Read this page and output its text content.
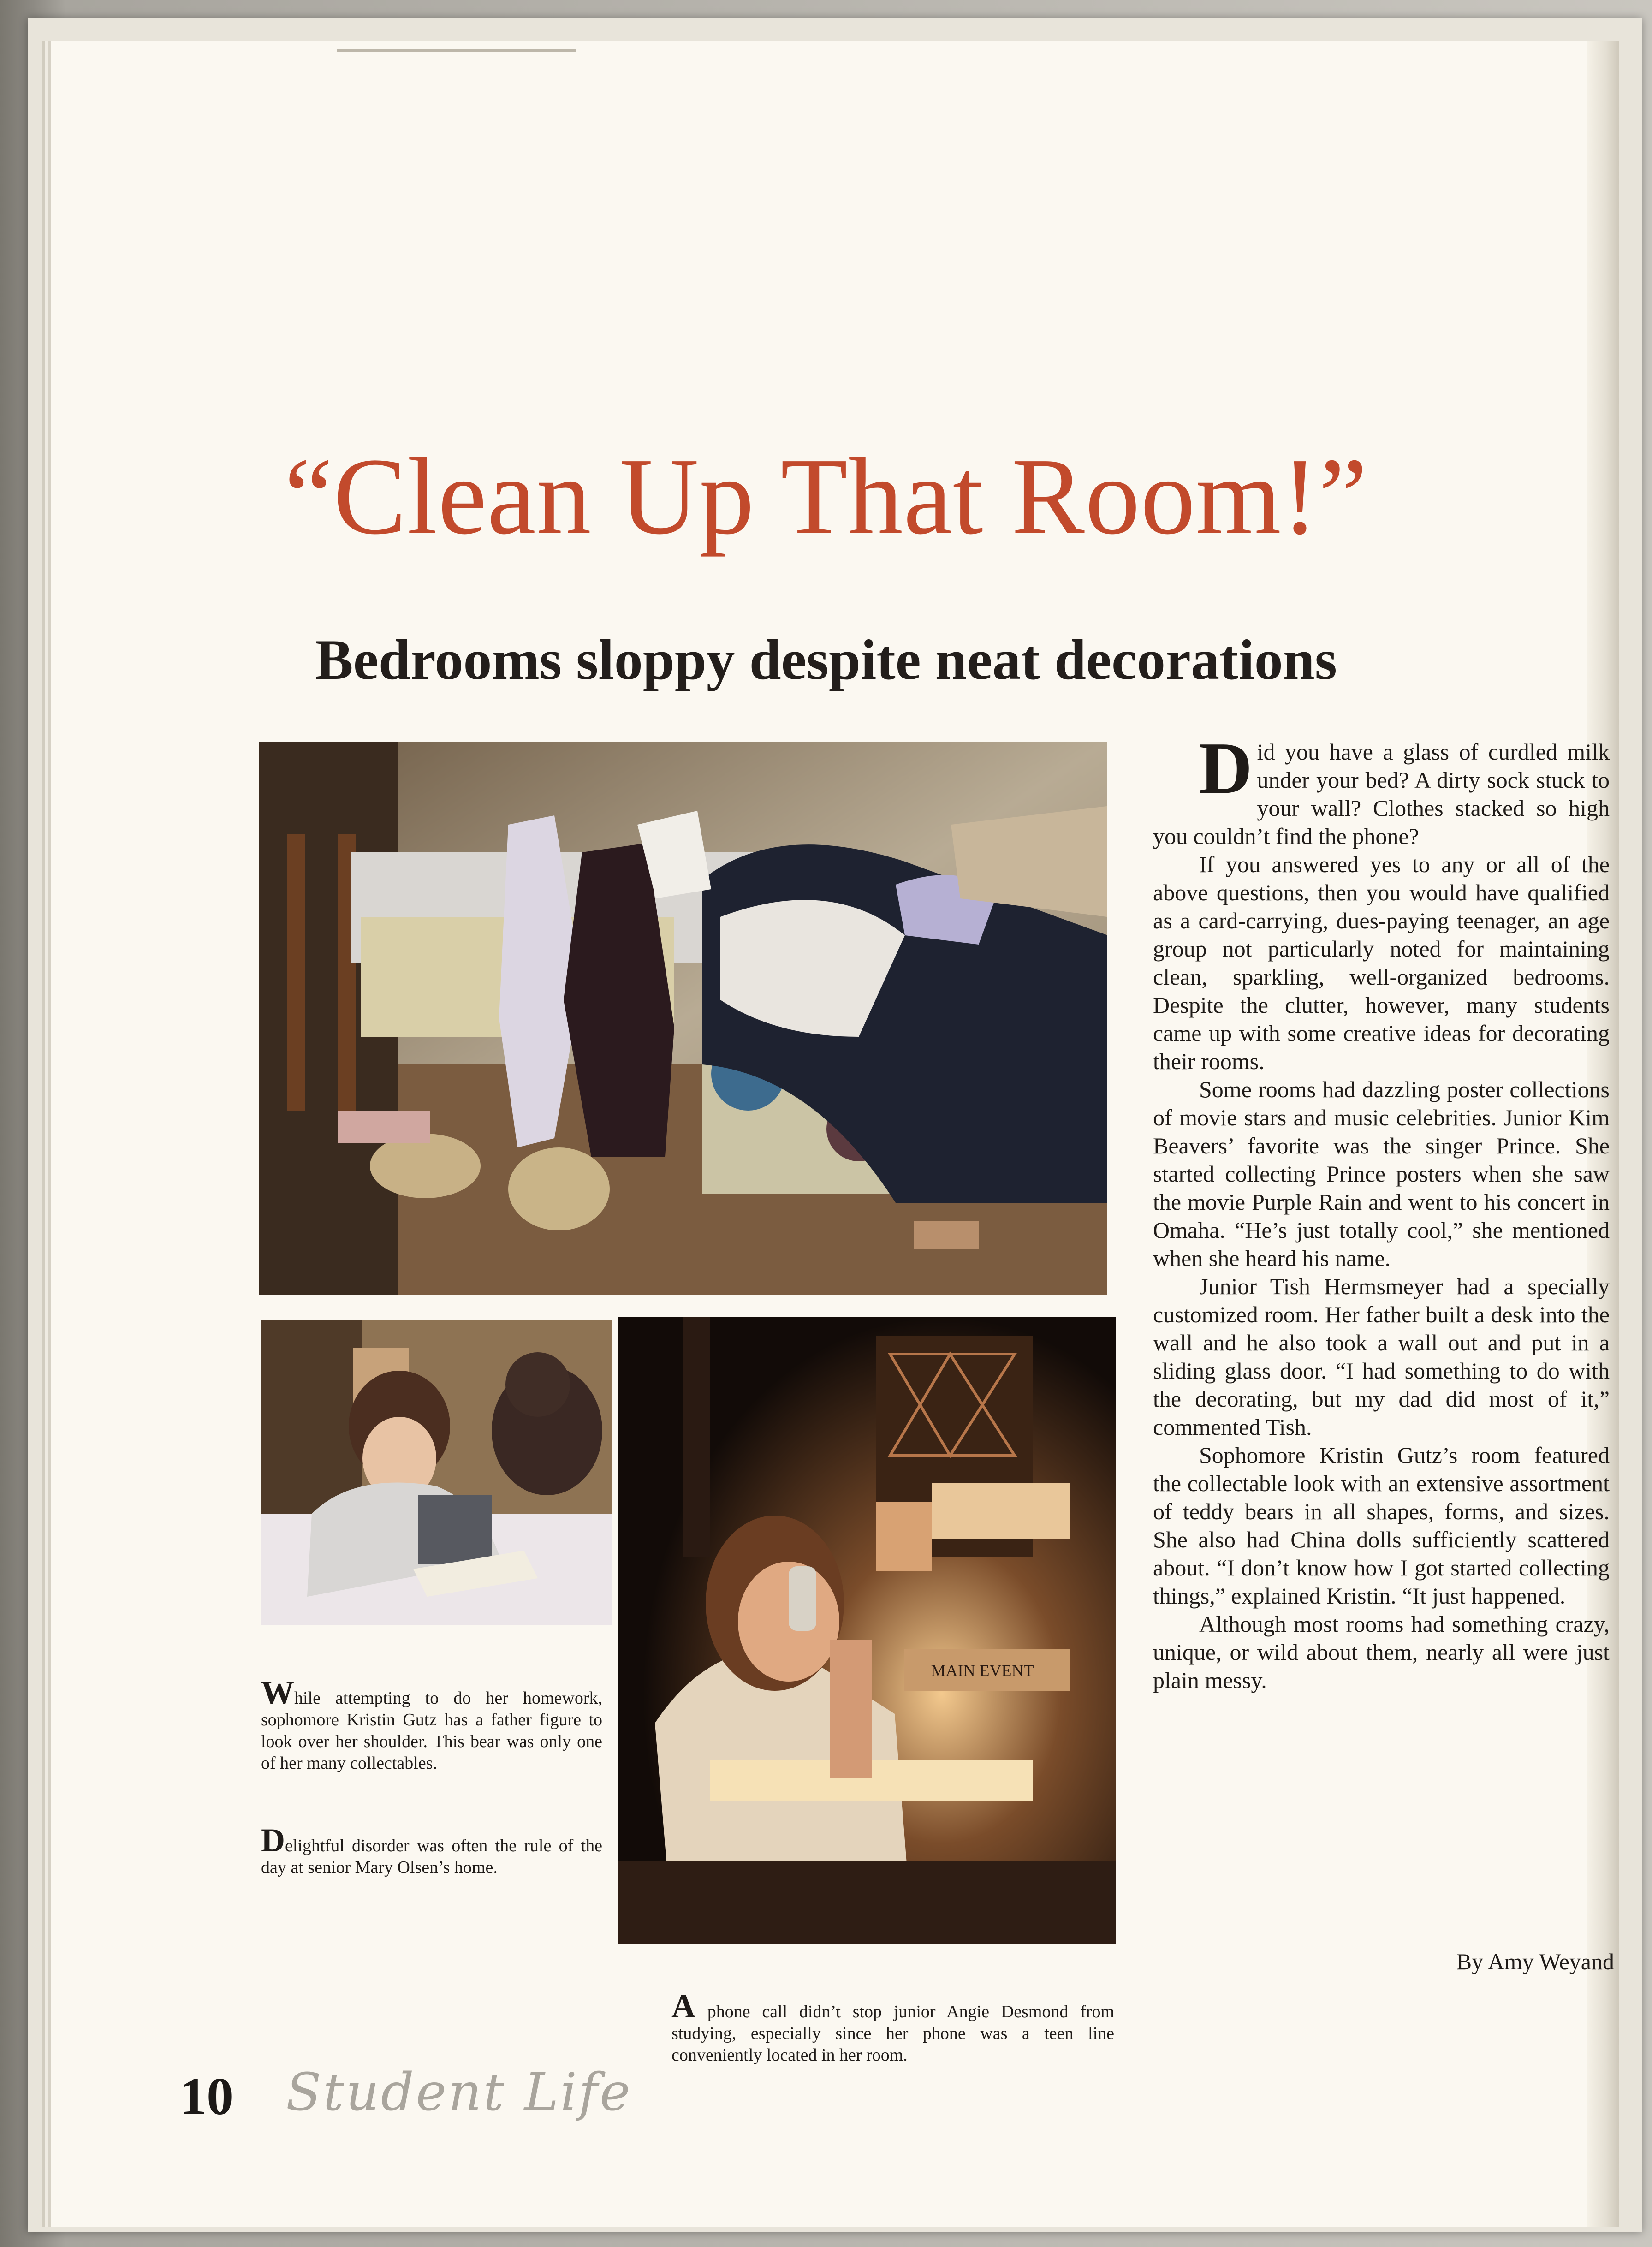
“Clean Up That Room!”
Bedrooms sloppy despite neat decorations
MAIN EVENT

Did you have a glass of curdled milk under your bed? A dirty sock stuck to your wall? Clothes stacked so high you couldn’t find the phone?

If you answered yes to any or all of the above questions, then you would have qualified as a card-carrying, dues-paying teenager, an age group not particularly noted for maintaining clean, sparkling, well-organized bedrooms. Despite the clutter, however, many students came up with some creative ideas for decorating their rooms.

Some rooms had dazzling poster collections of movie stars and music celebrities. Junior Kim Beavers’ favorite was the singer Prince. She started collecting Prince posters when she saw the movie Purple Rain and went to his concert in Omaha. “He’s just totally cool,” she mentioned when she heard his name.

Junior Tish Hermsmeyer had a specially customized room. Her father built a desk into the wall and he also took a wall out and put in a sliding glass door. “I had something to do with the decorating, but my dad did most of it,” commented Tish.

Sophomore Kristin Gutz’s room featured the collectable look with an extensive assortment of teddy bears in all shapes, forms, and sizes. She also had China dolls sufficiently scattered about. “I don’t know how I got started collecting things,” explained Kristin. “It just happened.

Although most rooms had something crazy, unique, or wild about them, nearly all were just plain messy.

By Amy Weyand
While attempting to do her homework, sophomore Kristin Gutz has a father figure to look over her shoulder. This bear was only one of her many collectables.
Delightful disorder was often the rule of the day at senior Mary Olsen’s home.
A phone call didn’t stop junior Angie Desmond from studying, especially since her phone was a teen line conveniently located in her room.
10 Student Life
